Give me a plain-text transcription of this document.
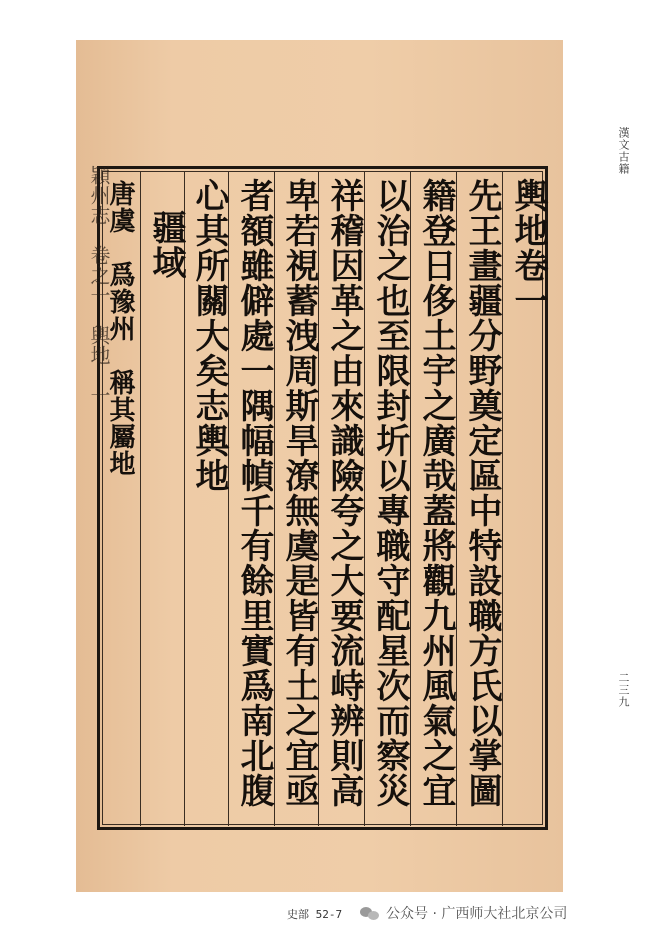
漢文古籍
二三九
輿地卷一
先王畫疆分野奠定區中特設職方氏以掌圖
籍登日侈土宇之廣哉蓋將觀九州風氣之宜
以治之也至限封圻以專職守配星次而察災
祥稽因革之由來識險夸之大要流峙辨則高
卑若視蓄洩周斯旱潦無虞是皆有土之宜亟
者額雖僻處一隅幅幀千有餘里實爲南北腹
心其所關大矣志輿地
疆域
唐虞　爲豫州　稱其屬地
穎州志　卷之一　輿地　一
史部 52-7	公众号 · 广西师大社北京公司
